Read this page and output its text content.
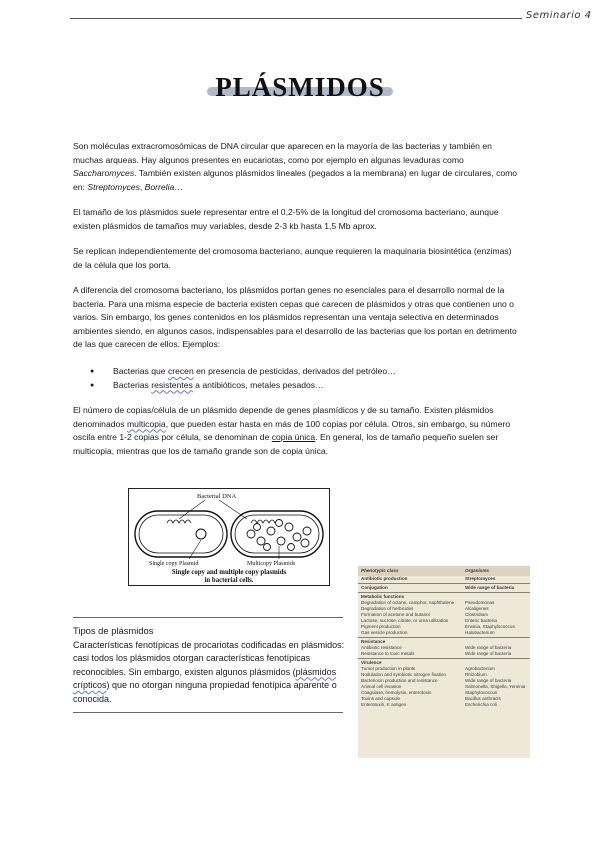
Seminario 4
PLÁSMIDOS

Son moléculas extracromosómicas de DNA circular que aparecen en la mayoría de las bacterias y también en muchas arqueas. Hay algunos presentes en eucariotas, como por ejemplo en algunas levaduras como Saccharomyces. También existen algunos plásmidos lineales (pegados a la membrana) en lugar de circulares, como en: Streptomyces, Borrelia…

El tamaño de los plásmidos suele representar entre el 0,2-5% de la longitud del cromosoma bacteriano, aunque existen plásmidos de tamaños muy variables, desde 2-3 kb hasta 1,5 Mb aprox.

Se replican independientemente del cromosoma bacteriano, aunque requieren la maquinaria biosintética (enzimas) de la célula que los porta.

A diferencia del cromosoma bacteriano, los plásmidos portan genes no esenciales para el desarrollo normal de la bacteria. Para una misma especie de bacteria existen cepas que carecen de plásmidos y otras que contienen uno o varios. Sin embargo, los genes contenidos en los plásmidos representan una ventaja selectiva en determinados ambientes siendo, en algunos casos, indispensables para el desarrollo de las bacterias que los portan en detrimento de las que carecen de ellos. Ejemplos:

● Bacterias que crecen en presencia de pesticidas, derivados del petróleo…
● Bacterias resistentes a antibióticos, metales pesados…

El número de copias/célula de un plásmido depende de genes plasmídicos y de su tamaño. Existen plásmidos denominados multicopia, que pueden estar hasta en más de 100 copias por célula. Otros, sin embargo, su número oscila entre 1-2 copias por célula, se denominan de copia única. En general, los de tamaño pequeño suelen ser multicopia, mientras que los de tamaño grande son de copia única.

Bacterial DNA
Single copy Plasmid	Multicopy Plasmids
Single copy and multiple copy plasmids
in bacterial cells.

Tipos de plásmidos
Características fenotípicas de procariotas codificadas en plásmidos: casi todos los plásmidos otorgan características fenotípicas reconocibles. Sin embargo, existen algunos plásmidos (plásmidos crípticos) que no otorgan ninguna propiedad fenotípica aparente o conocida.

Phenotypic class	Organisms
Antibiotic production	Streptomyces
Conjugation	Wide range of bacteria
Metabolic functions
Degradation of octane, camphor, naphthalene	Pseudomonas
Degradation of herbicides	Alcaligenes
Formation of acetone and butanol	Clostridium
Lactose, sucrose, citrate, or urea utilization	Enteric bacteria
Pigment production	Erwinia, Staphylococcus
Gas vesicle production	Halobacterium
Resistance
Antibiotic resistance	Wide range of bacteria
Resistance to toxic metals	Wide range of bacteria
Virulence
Tumor production in plants	Agrobacterium
Nodulation and symbiotic nitrogen fixation	Rhizobium
Bacteriocin production and resistance	Wide range of bacteria
Animal cell invasion	Salmonella, Shigella, Yersinia
Coagulase, hemolysin, enterotoxin	Staphylococcus
Toxins and capsule	Bacillus anthracis
Enterotoxin, K antigen	Escherichia coli
